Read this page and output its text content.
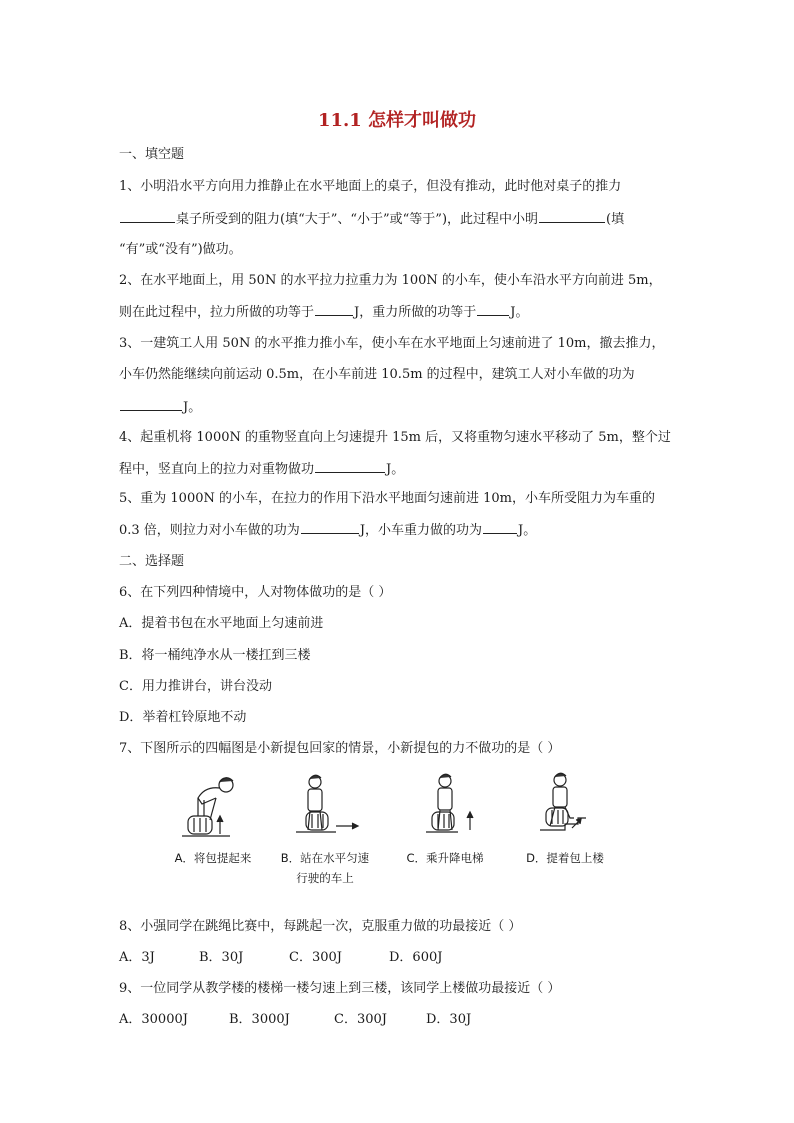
11.1 怎样才叫做功
一、填空题
1、小明沿水平方向用力推静止在水平地面上的桌子，但没有推动，此时他对桌子的推力
桌子所受到的阻力(填“大于”、“小于”或“等于”)，此过程中小明	(填
“有”或“没有”)做功。
2、在水平地面上，用 50N 的水平拉力拉重力为 100N 的小车，使小车沿水平方向前进 5m，
则在此过程中，拉力所做的功等于	J，重力所做的功等于	J。
3、一建筑工人用 50N 的水平推力推小车，使小车在水平地面上匀速前进了 10m，撤去推力，
小车仍然能继续向前运动 0.5m，在小车前进 10.5m 的过程中，建筑工人对小车做的功为
J。
4、起重机将 1000N 的重物竖直向上匀速提升 15m 后，又将重物匀速水平移动了 5m，整个过
程中，竖直向上的拉力对重物做功	J。
5、重为 1000N 的小车，在拉力的作用下沿水平地面匀速前进 10m，小车所受阻力为车重的
0.3 倍，则拉力对小车做的功为	J，小车重力做的功为	J。
二、选择题
6、在下列四种情境中，人对物体做功的是（ ）
A．提着书包在水平地面上匀速前进
B．将一桶纯净水从一楼扛到三楼
C．用力推讲台，讲台没动
D．举着杠铃原地不动
7、下图所示的四幅图是小新提包回家的情景，小新提包的力不做功的是（ ）
A．将包提起来	B．站在水平匀速
行驶的车上
C．乘升降电梯	D．提着包上楼
8、小强同学在跳绳比赛中，每跳起一次，克服重力做的功最接近（ ）
A．3J	B．30J	C．300J	D．600J
9、一位同学从教学楼的楼梯一楼匀速上到三楼，该同学上楼做功最接近（ ）
A．30000J	B．3000J	C．300J	D．30J
